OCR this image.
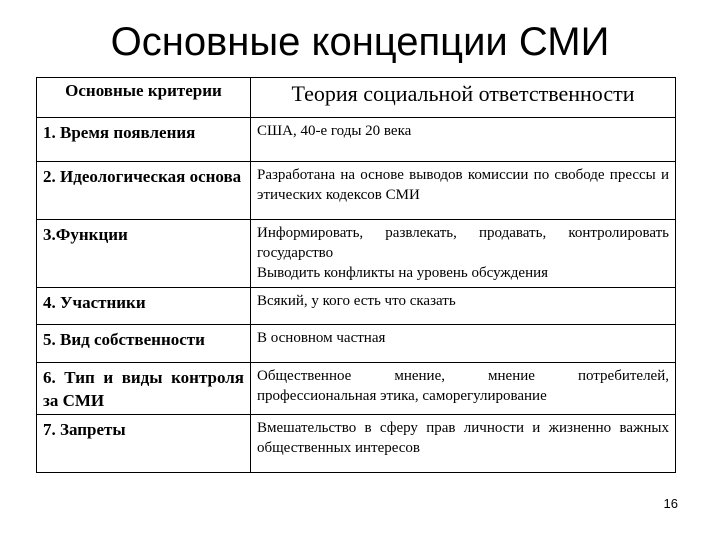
Основные концепции СМИ
Основные критерии	Теория социальной ответственности
1. Время появления	США, 40-е годы 20 века

2. Идеологическая основа	Разработана на основе выводов комиссии по свободе прессы и этических кодексов СМИ

3.Функции	Информировать, развлекать, продавать, контролировать государство
Выводить конфликты на уровень обсуждения

4. Участники	Всякий, у кого есть что сказать

5. Вид собственности	В основном частная

6. Тип и виды контроля за СМИ	Общественное мнение, мнение потребителей, профессиональная этика, саморегулирование

7. Запреты	Вмешательство в сферу прав личности и жизненно важных общественных интересов
16
